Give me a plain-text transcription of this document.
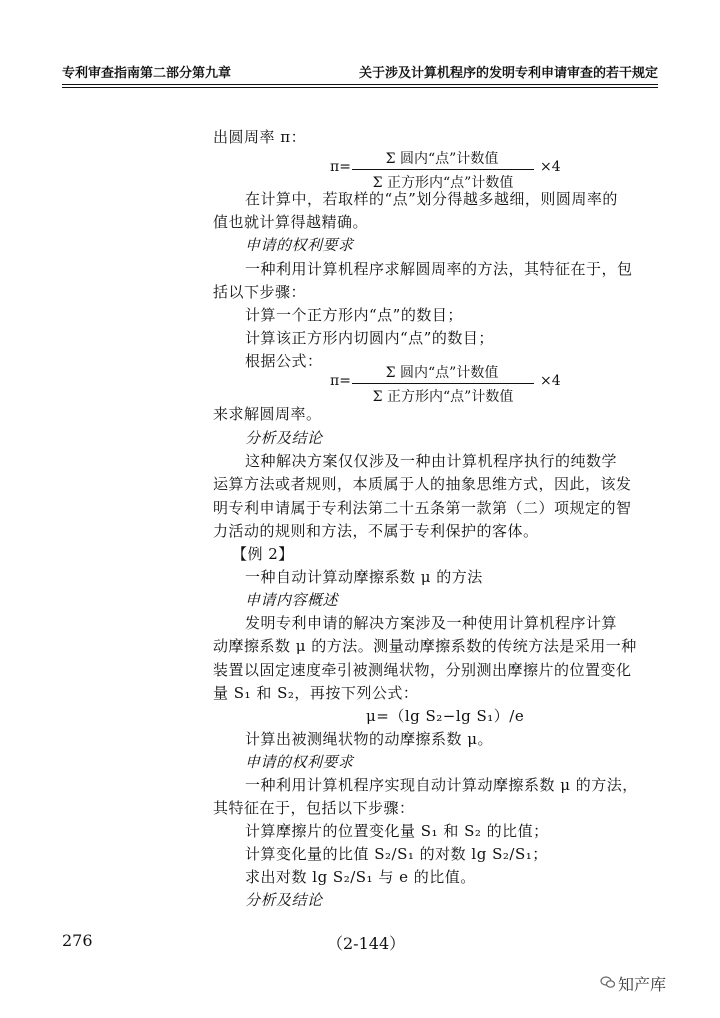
专利审查指南第二部分第九章	关于涉及计算机程序的发明专利申请审查的若干规定
出圆周率 π：
π=	Σ 圆内“点”计数值
Σ 正方形内“点”计数值
×4
在计算中，若取样的“点”划分得越多越细，则圆周率的
值也就计算得越精确。
申请的权利要求
一种利用计算机程序求解圆周率的方法，其特征在于，包
括以下步骤：
计算一个正方形内“点”的数目；
计算该正方形内切圆内“点”的数目；
根据公式：
π=	Σ 圆内“点”计数值
Σ 正方形内“点”计数值
×4
来求解圆周率。
分析及结论
这种解决方案仅仅涉及一种由计算机程序执行的纯数学
运算方法或者规则，本质属于人的抽象思维方式，因此，该发
明专利申请属于专利法第二十五条第一款第（二）项规定的智
力活动的规则和方法，不属于专利保护的客体。
【例 2】
一种自动计算动摩擦系数 μ 的方法
申请内容概述
发明专利申请的解决方案涉及一种使用计算机程序计算
动摩擦系数 μ 的方法。测量动摩擦系数的传统方法是采用一种
装置以固定速度牵引被测绳状物，分别测出摩擦片的位置变化
量 S₁ 和 S₂，再按下列公式：
μ=（lg S₂−lg S₁）/e
计算出被测绳状物的动摩擦系数 μ。
申请的权利要求
一种利用计算机程序实现自动计算动摩擦系数 μ 的方法，
其特征在于，包括以下步骤：
计算摩擦片的位置变化量 S₁ 和 S₂ 的比值；
计算变化量的比值 S₂/S₁ 的对数 lg S₂/S₁；
求出对数 lg S₂/S₁ 与 e 的比值。
分析及结论
276	（2-144）
知产库
